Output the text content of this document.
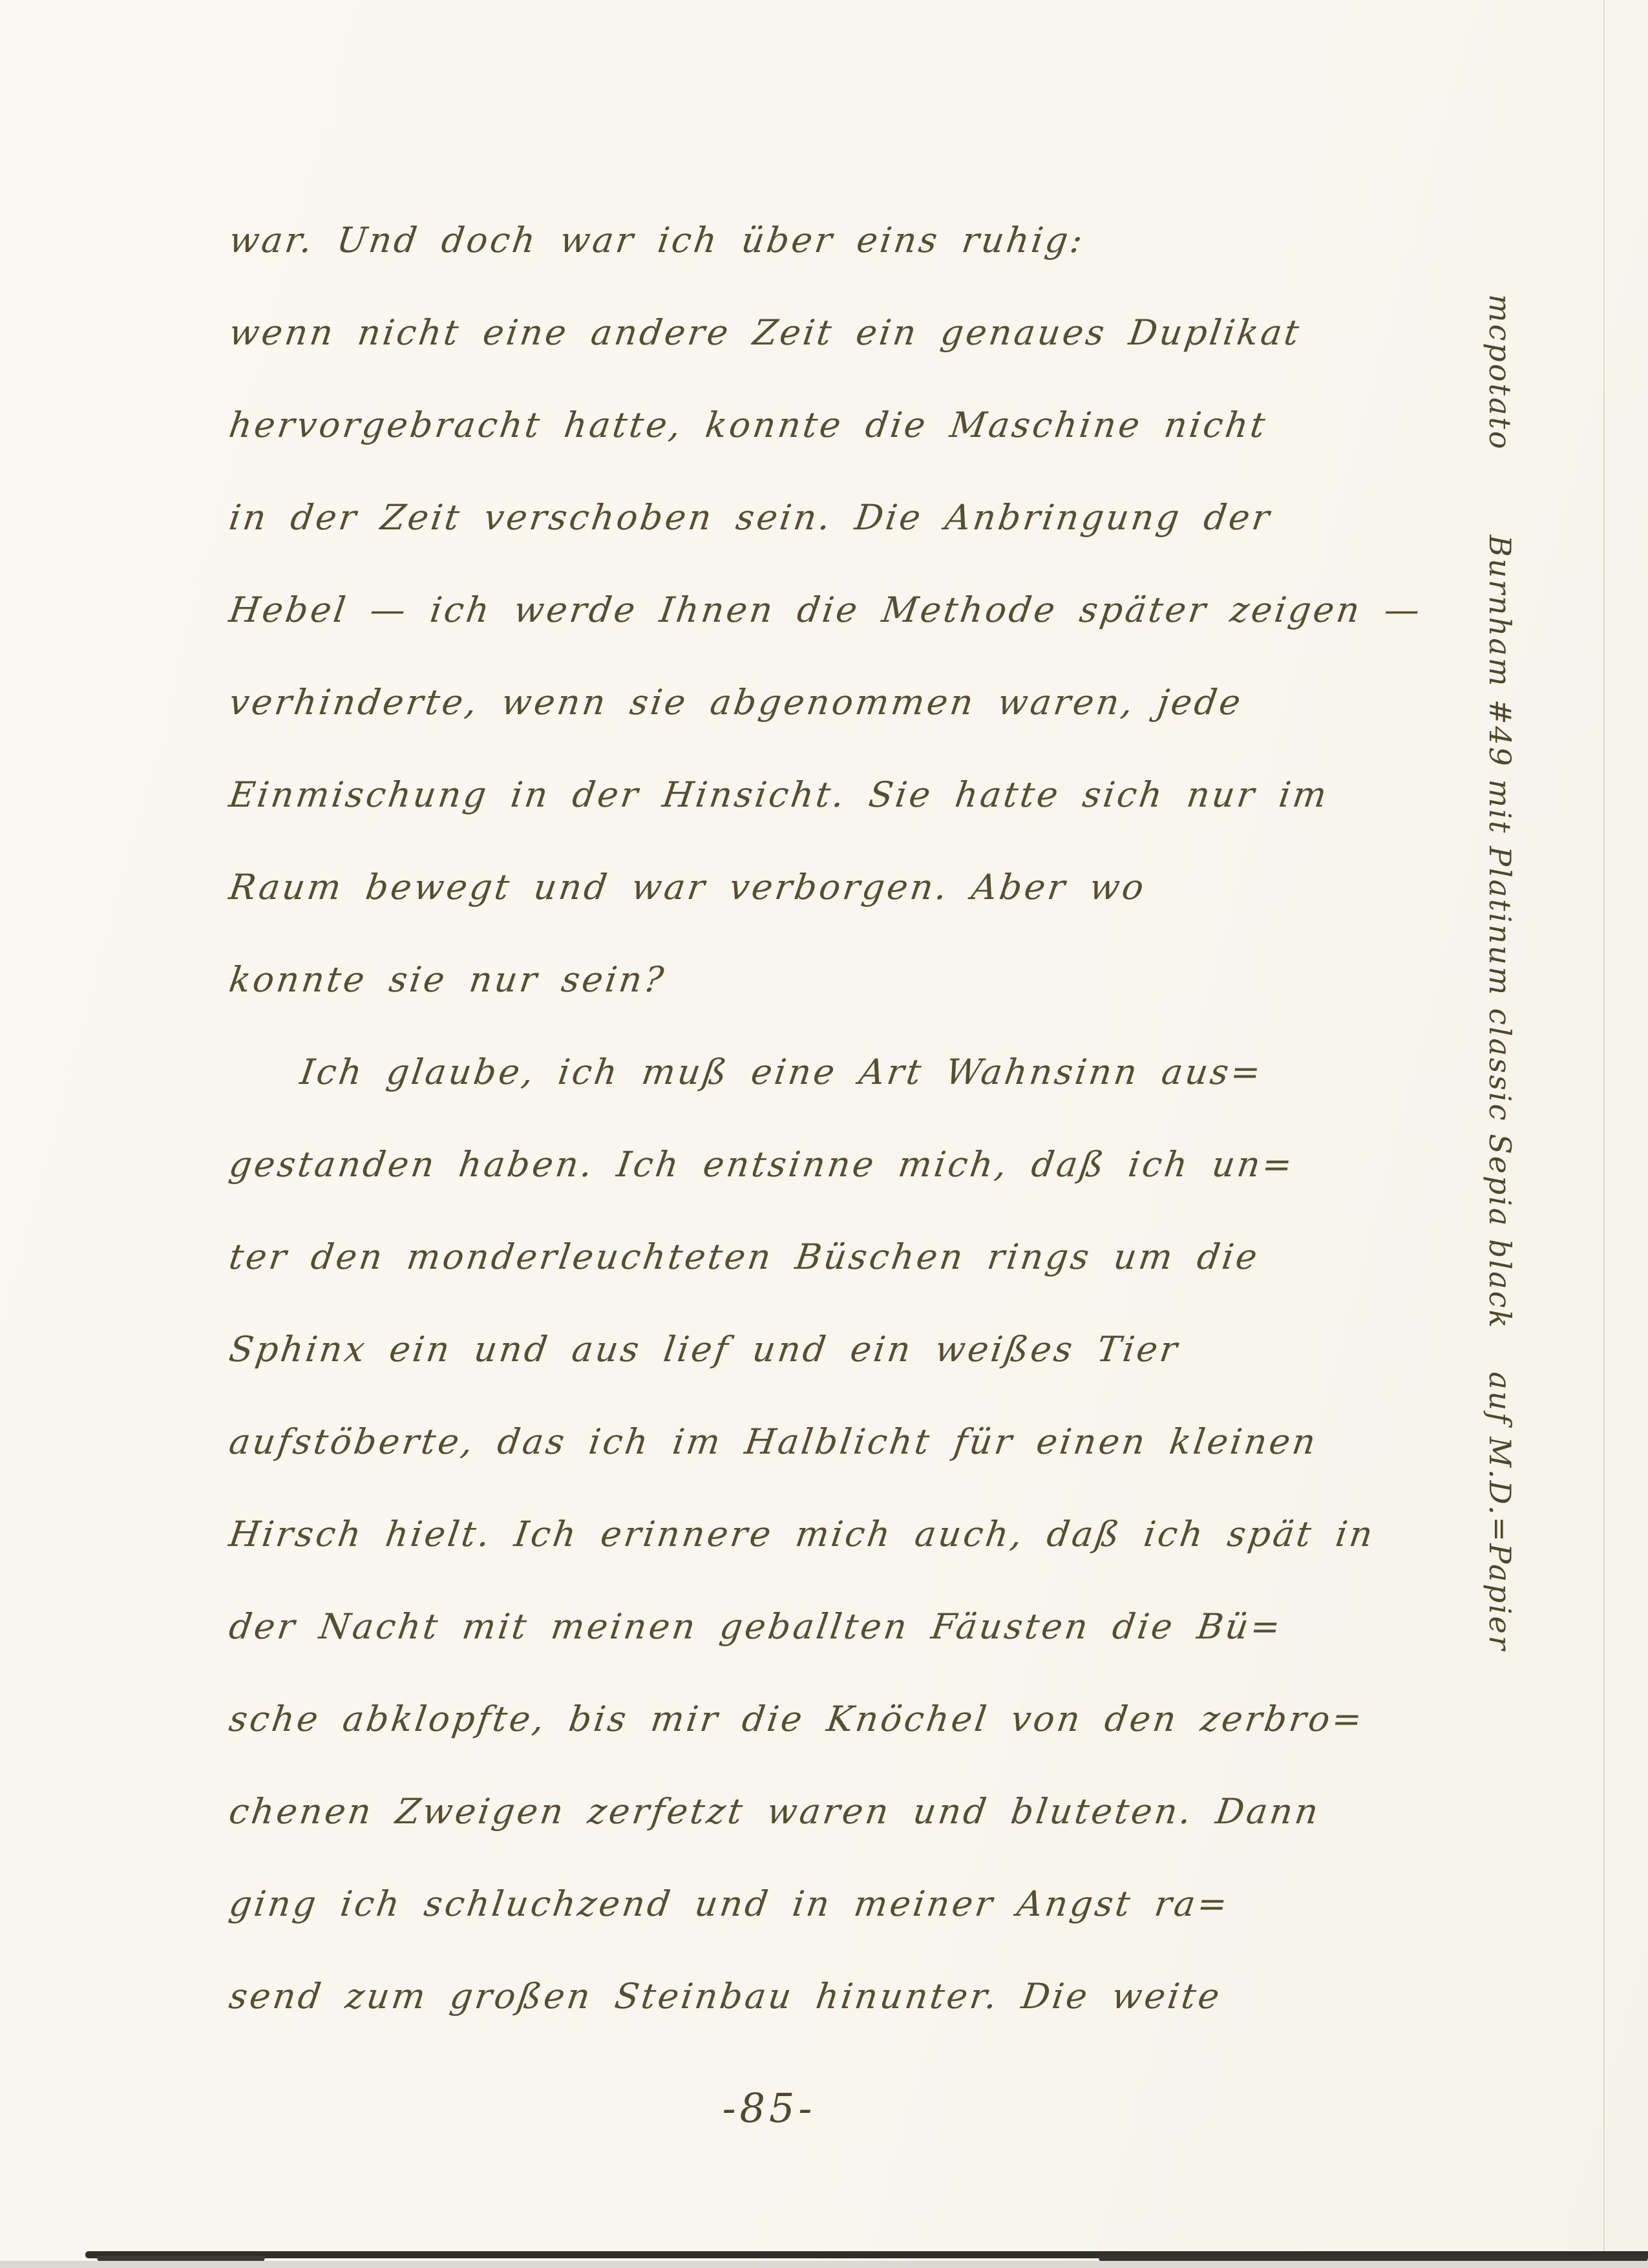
war. Und doch war ich über eins ruhig:
wenn nicht eine andere Zeit ein genaues Duplikat
hervorgebracht hatte, konnte die Maschine nicht
in der Zeit verschoben sein. Die Anbringung der
Hebel — ich werde Ihnen die Methode später zeigen —
verhinderte, wenn sie abgenommen waren, jede
Einmischung in der Hinsicht. Sie hatte sich nur im
Raum bewegt und war verborgen. Aber wo
konnte sie nur sein?
Ich glaube, ich muß eine Art Wahnsinn aus=
gestanden haben. Ich entsinne mich, daß ich un=
ter den monderleuchteten Büschen rings um die
Sphinx ein und aus lief und ein weißes Tier
aufstöberte, das ich im Halblicht für einen kleinen
Hirsch hielt. Ich erinnere mich auch, daß ich spät in
der Nacht mit meinen geballten Fäusten die Bü=
sche abklopfte, bis mir die Knöchel von den zerbro=
chenen Zweigen zerfetzt waren und bluteten. Dann
ging ich schluchzend und in meiner Angst ra=
send zum großen Steinbau hinunter. Die weite
mcpotato
Burnham #49 mit Platinum classic Sepia black
auf M.D.=Papier
-85-
